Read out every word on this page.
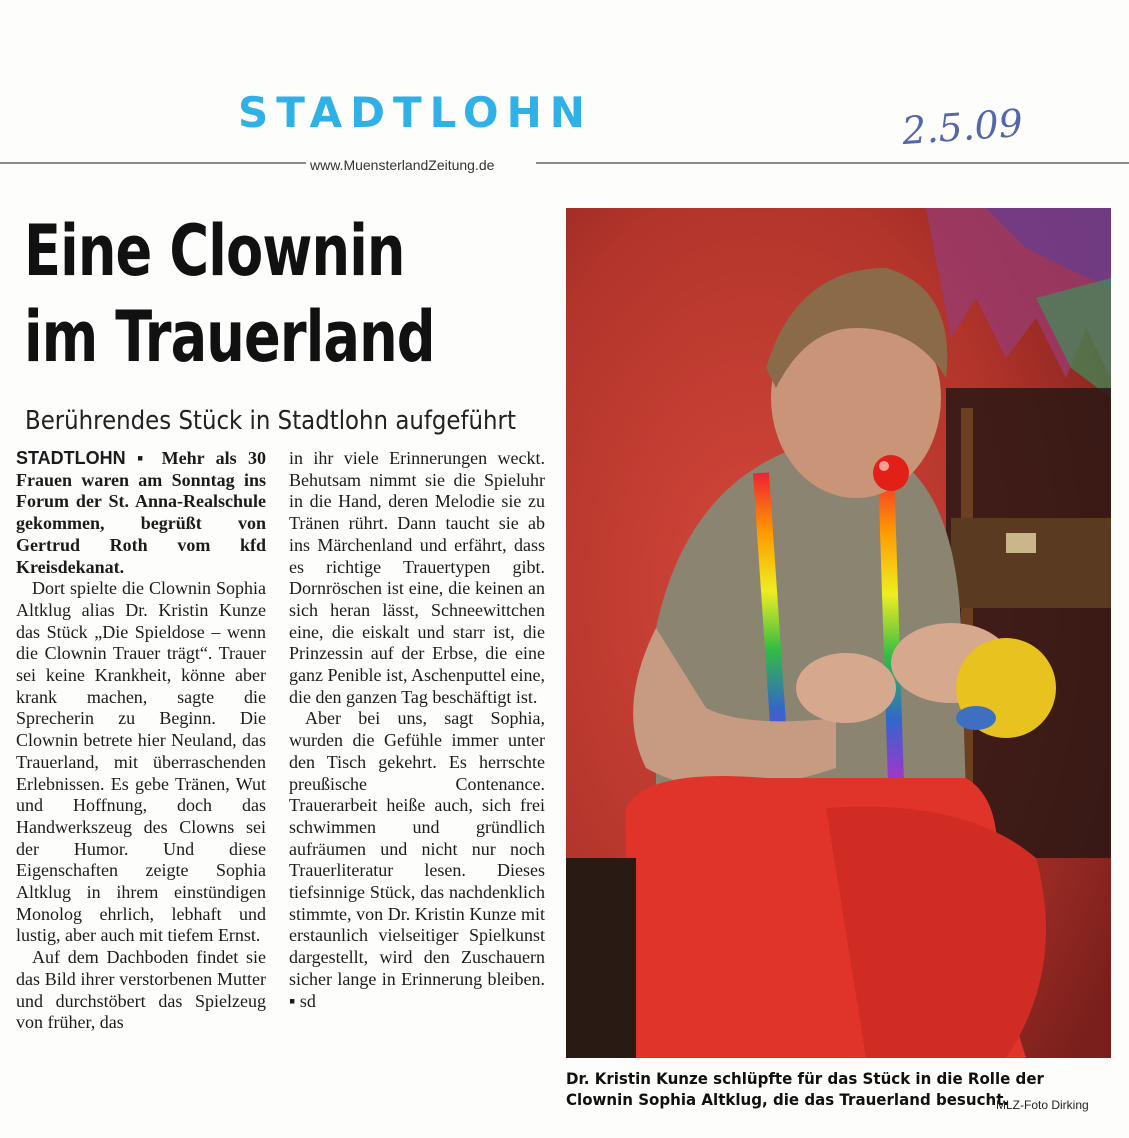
STADTLOHN	2.5.09
www.MuensterlandZeitung.de
Eine Clownin
im Trauerland
Berührendes Stück in Stadtlohn aufgeführt

STADTLOHN ▪ Mehr als 30 Frauen waren am Sonntag ins Forum der St. Anna-Realschule gekommen, begrüßt von Gertrud Roth vom kfd Kreisdekanat.

Dort spielte die Clownin Sophia Altklug alias Dr. Kristin Kunze das Stück „Die Spieldose – wenn die Clownin Trauer trägt“. Trauer sei keine Krankheit, könne aber krank machen, sagte die Sprecherin zu Beginn. Die Clownin betrete hier Neuland, das Trauerland, mit überraschenden Erlebnissen. Es gebe Tränen, Wut und Hoffnung, doch das Handwerkszeug des Clowns sei der Humor. Und diese Eigenschaften zeigte Sophia Altklug in ihrem einstündigen Monolog ehrlich, lebhaft und lustig, aber auch mit tiefem Ernst.

Auf dem Dachboden findet sie das Bild ihrer verstorbenen Mutter und durchstöbert das Spielzeug von früher, das

in ihr viele Erinnerungen weckt. Behutsam nimmt sie die Spieluhr in die Hand, deren Melodie sie zu Tränen rührt. Dann taucht sie ab ins Märchenland und erfährt, dass es richtige Trauertypen gibt. Dornröschen ist eine, die keinen an sich heran lässt, Schneewittchen eine, die eiskalt und starr ist, die Prinzessin auf der Erbse, die eine ganz Penible ist, Aschenputtel eine, die den ganzen Tag beschäftigt ist.

Aber bei uns, sagt Sophia, wurden die Gefühle immer unter den Tisch gekehrt. Es herrschte preußische Contenance. Trauerarbeit heiße auch, sich frei schwimmen und gründlich aufräumen und nicht nur noch Trauerliteratur lesen. Dieses tiefsinnige Stück, das nachdenklich stimmte, von Dr. Kristin Kunze mit erstaunlich vielseitiger Spielkunst dargestellt, wird den Zuschauern sicher lange in Erinnerung bleiben. ▪ sd

Dr. Kristin Kunze schlüpfte für das Stück in die Rolle der Clownin Sophia Altklug, die das Trauerland besucht.
MLZ-Foto Dirking
